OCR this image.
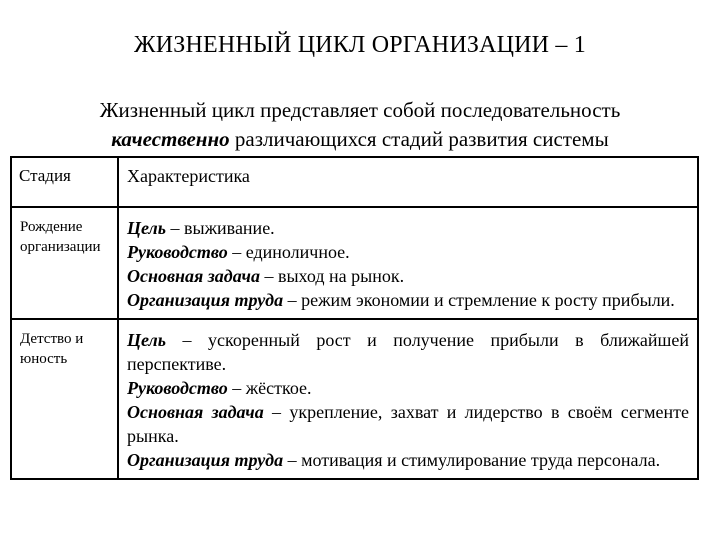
ЖИЗНЕННЫЙ ЦИКЛ ОРГАНИЗАЦИИ – 1
Жизненный цикл представляет собой последовательность
качественно различающихся стадий развития системы
Стадия	Характеристика
Рождение организации	Цель – выживание.
Руководство – единоличное.
Основная задача – выход на рынок.
Организация труда – режим экономии и стремление к росту прибыли.

Детство и юность	Цель – ускоренный рост и получение прибыли в ближайшей перспективе.
Руководство – жёсткое.
Основная задача – укрепление, захват и лидерство в своём сегменте рынка.
Организация труда – мотивация и стимулирование труда персонала.
